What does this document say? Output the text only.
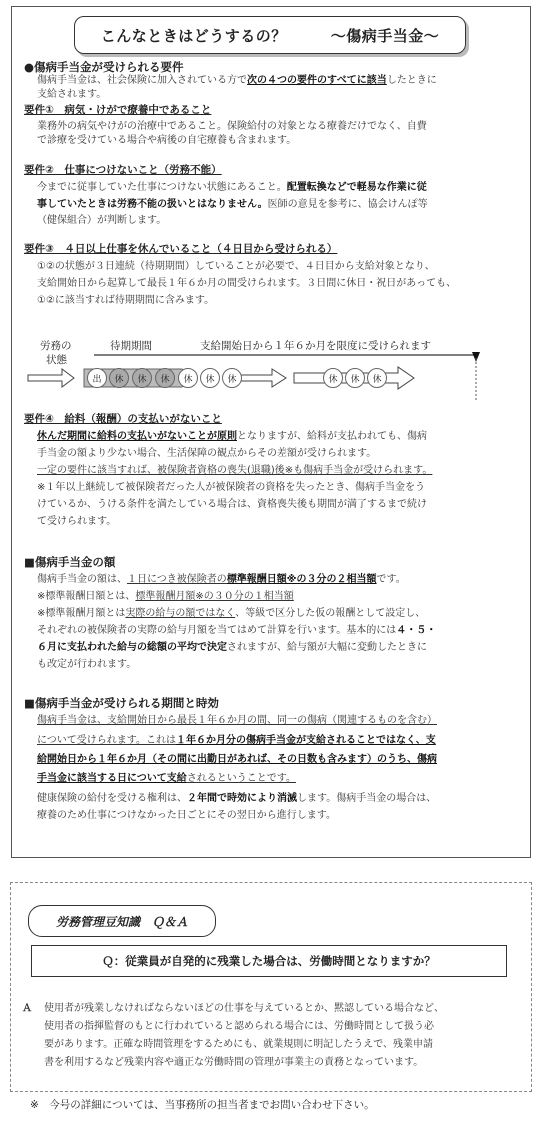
こんなときはどうするの？	～傷病手当金～
●傷病手当金が受けられる要件
傷病手当金は、社会保険に加入されている方で次の４つの要件のすべてに該当したときに
支給されます。
要件①　病気・けがで療養中であること
業務外の病気やけがの治療中であること。保険給付の対象となる療養だけでなく、自費
で診療を受けている場合や病後の自宅療養も含まれます。
要件②　仕事につけないこと（労務不能）
今までに従事していた仕事につけない状態にあること。配置転換などで軽易な作業に従
事していたときは労務不能の扱いとはなりません。医師の意見を参考に、協会けんぽ等
（健保組合）が判断します。
要件③　４日以上仕事を休んでいること（４日目から受けられる）
①②の状態が３日連続（待期期間）していることが必要で、４日目から支給対象となり、
支給開始日から起算して最長１年６か月の間受けられます。３日間に休日・祝日があっても、
①②に該当すれば待期期間に含みます。
労務の
状態
待期期間	支給開始日から１年６か月を限度に受けられます
出	休	休	休	休	休	休	休	休	休
要件④　給料（報酬）の支払いがないこと
休んだ期間に給料の支払いがないことが原則となりますが、給料が支払われても、傷病
手当金の額より少ない場合、生活保障の観点からその差額が受けられます。
一定の要件に該当すれば、被保険者資格の喪失(退職)後※も傷病手当金が受けられます。
※１年以上継続して被保険者だった人が被保険者の資格を失ったとき、傷病手当金をう
けているか、うける条件を満たしている場合は、資格喪失後も期間が満了するまで続け
て受けられます。
■傷病手当金の額
傷病手当金の額は、１日につき被保険者の標準報酬日額※の３分の２相当額です。
※標準報酬日額とは、標準報酬月額※の３０分の１相当額
※標準報酬月額とは実際の給与の額ではなく、等級で区分した仮の報酬として設定し、
それぞれの被保険者の実際の給与月額を当てはめて計算を行います。基本的には４・５・
６月に支払われた給与の総額の平均で決定されますが、給与額が大幅に変動したときに
も改定が行われます。
■傷病手当金が受けられる期間と時効
傷病手当金は、支給開始日から最長１年６か月の間、同一の傷病（関連するものを含む）
について受けられます。これは１年６か月分の傷病手当金が支給されることではなく、支
給開始日から１年６か月（その間に出勤日があれば、その日数も含みます）のうち、傷病
手当金に該当する日について支給されるということです。
健康保険の給付を受ける権利は、２年間で時効により消滅します。傷病手当金の場合は、
療養のため仕事につけなかった日ごとにその翌日から進行します。
労務管理豆知識　Ｑ＆Ａ
Ｑ：従業員が自発的に残業した場合は、労働時間となりますか？
Ａ	使用者が残業しなければならないほどの仕事を与えているとか、黙認している場合など、
使用者の指揮監督のもとに行われていると認められる場合には、労働時間として扱う必
要があります。正確な時間管理をするためにも、就業規則に明記したうえで、残業申請
書を利用するなど残業内容や適正な労働時間の管理が事業主の責務となっています。
※　今号の詳細については、当事務所の担当者までお問い合わせ下さい。
